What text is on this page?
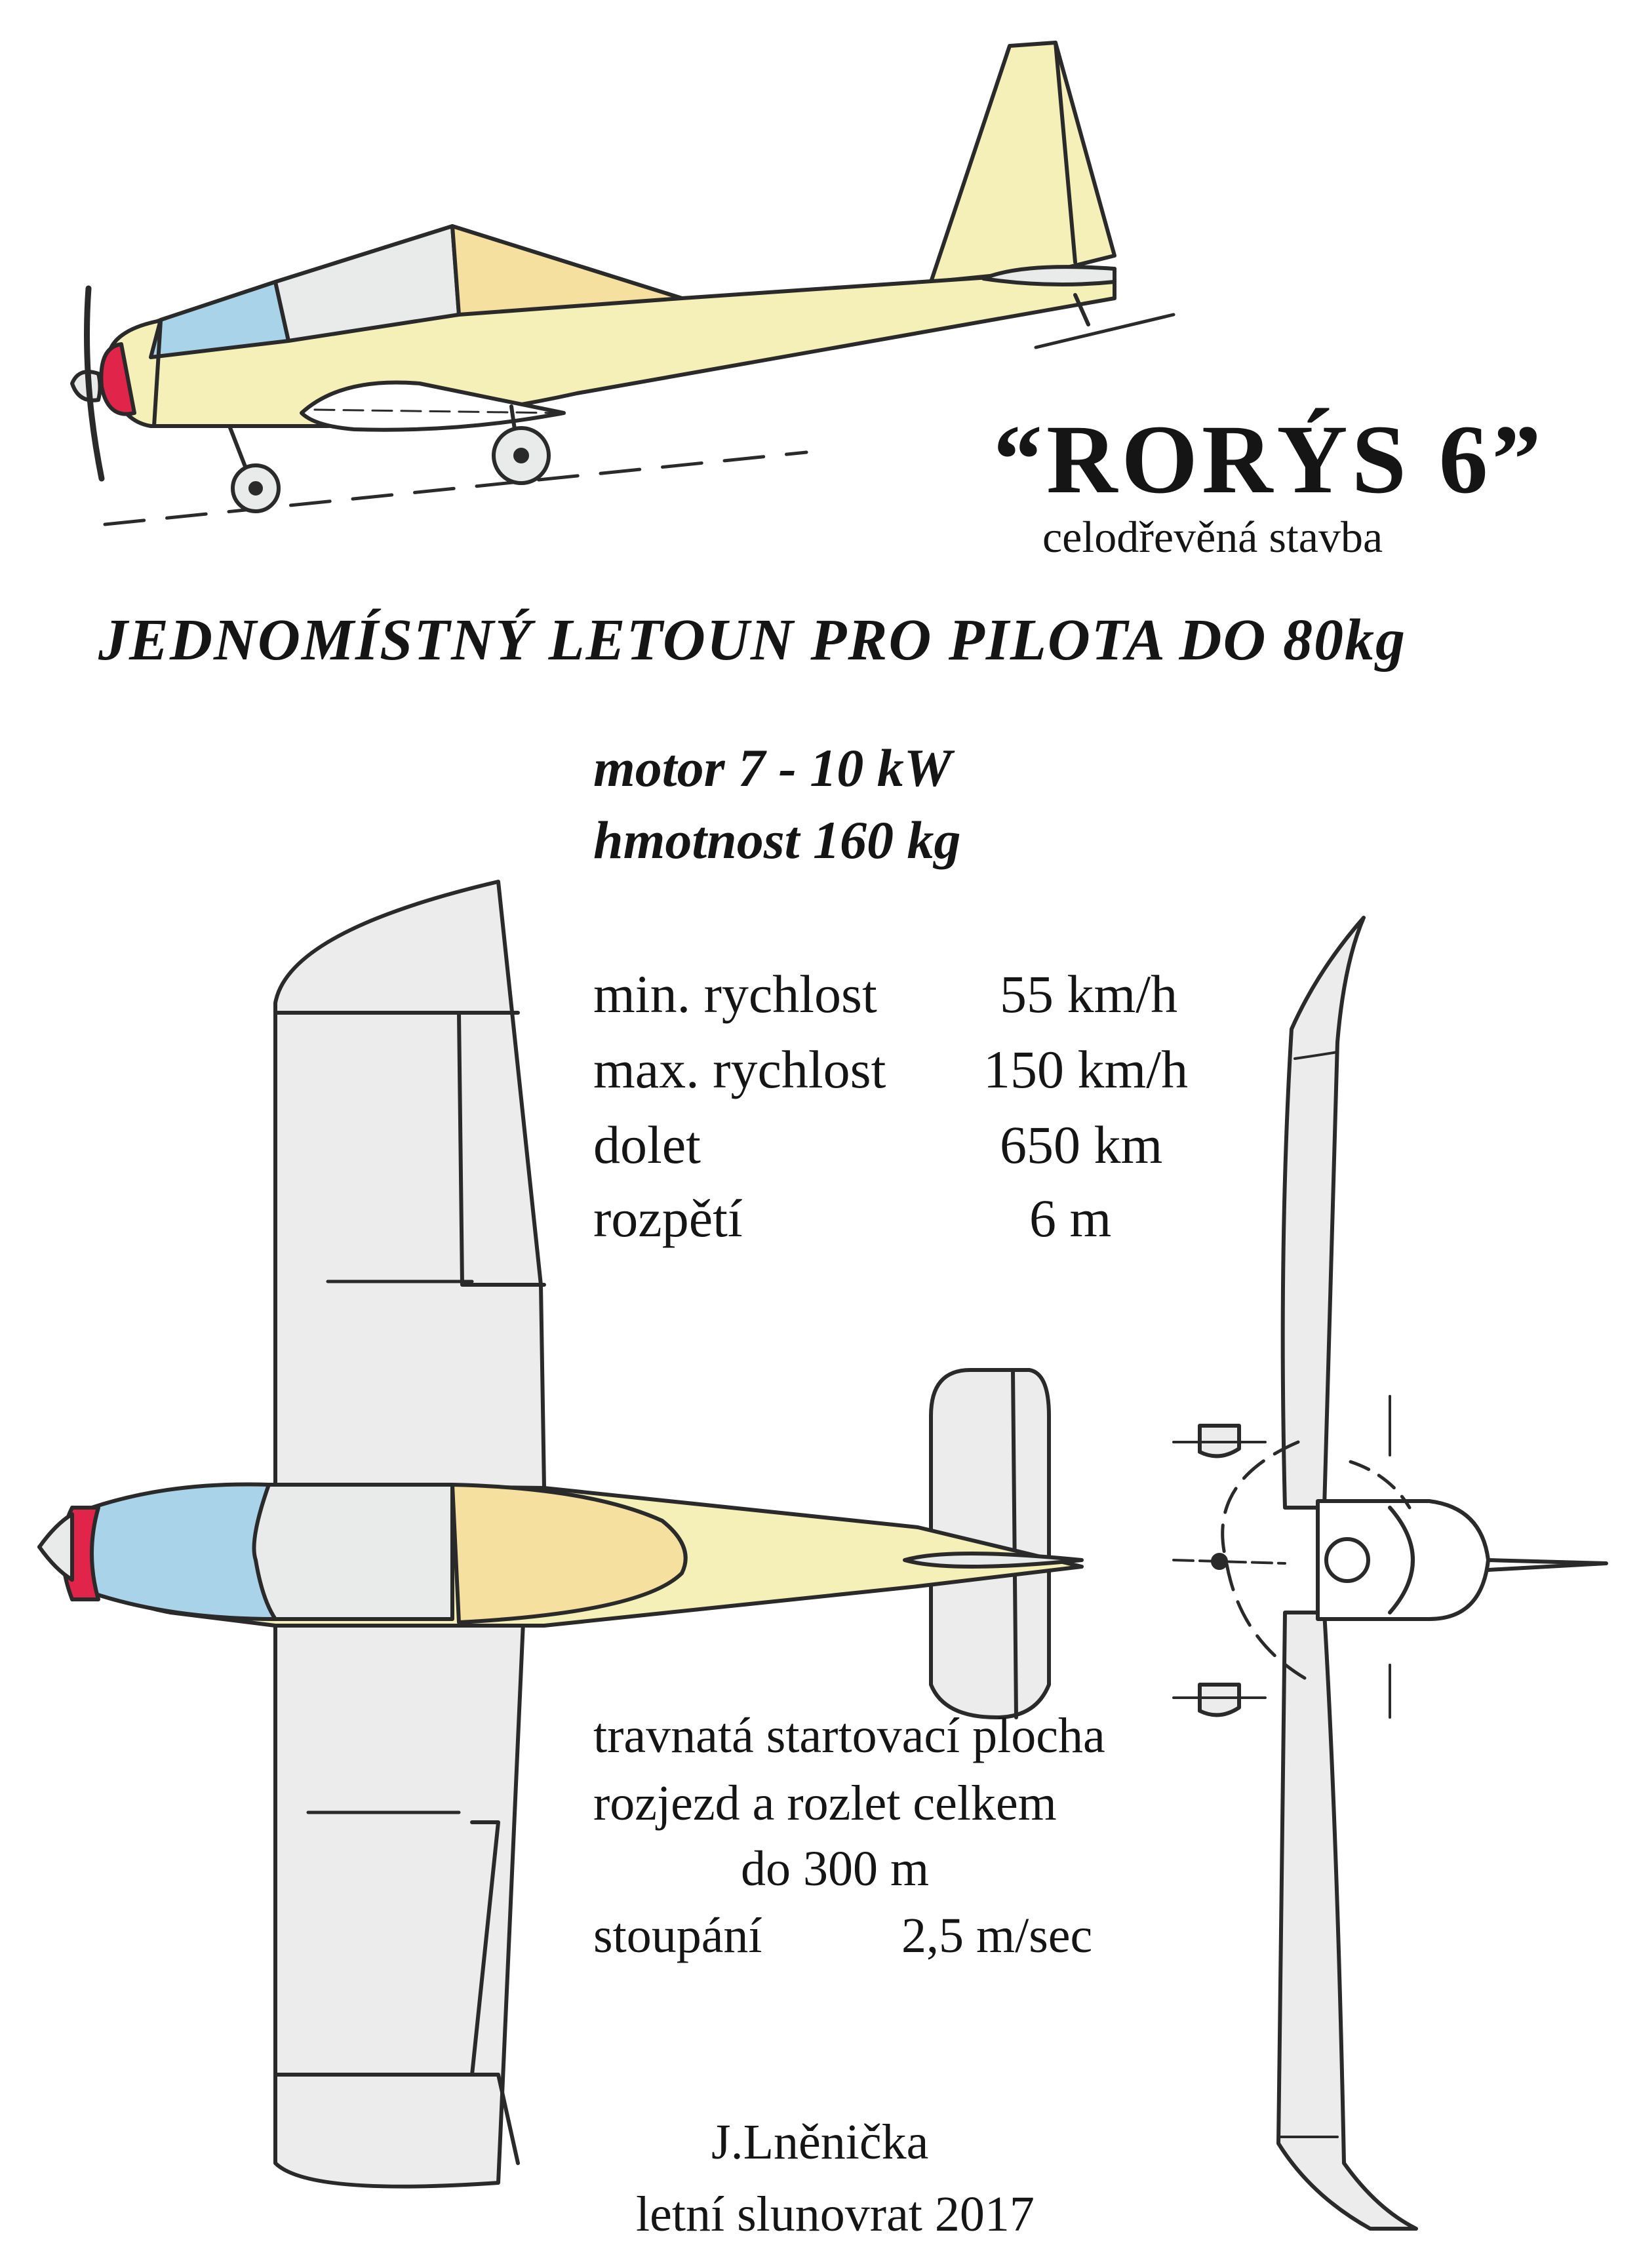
“RORÝS 6”
celodřevěná stavba
JEDNOMÍSTNÝ LETOUN PRO PILOTA DO 80kg
motor 7 - 10 kW
hmotnost 160 kg
min. rychlost 55 km/h
max. rychlost 150 km/h
dolet	650 km
rozpětí	6 m
travnatá startovací plocha
rozjezd a rozlet celkem
do 300 m
stoupání	2,5 m/sec
J.Lněnička
letní slunovrat 2017
